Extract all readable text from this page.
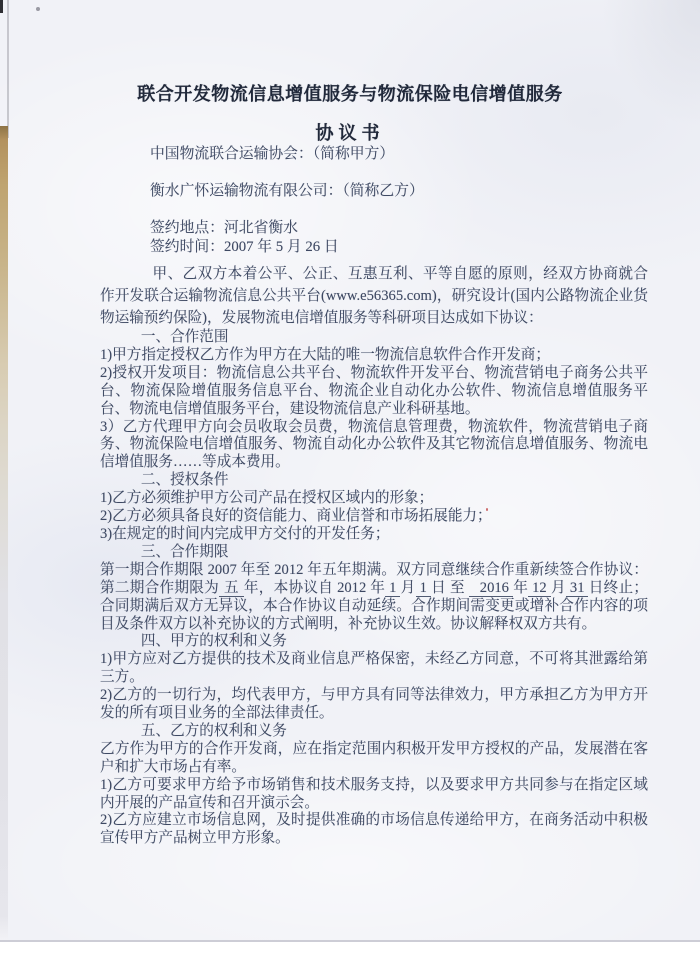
联合开发物流信息增值服务与物流保险电信增值服务
协议书
中国物流联合运输协会：（简称甲方）
衡水广怀运输物流有限公司：（简称乙方）
签约地点：河北省衡水
签约时间：2007 年 5 月 26 日
甲、乙双方本着公平、公正、互惠互利、平等自愿的原则，经双方协商就合作开发联合运输物流信息公共平台(www.e56365.com)，研究设计(国内公路物流企业货物运输预约保险)，发展物流电信增值服务等科研项目达成如下协议：

一、合作范围

1)甲方指定授权乙方作为甲方在大陆的唯一物流信息软件合作开发商；

2)授权开发项目：物流信息公共平台、物流软件开发平台、物流营销电子商务公共平台、物流保险增值服务信息平台、物流企业自动化办公软件、物流信息增值服务平台、物流电信增值服务平台，建设物流信息产业科研基地。

3）乙方代理甲方向会员收取会员费，物流信息管理费，物流软件，物流营销电子商务、物流保险电信增值服务、物流自动化办公软件及其它物流信息增值服务、物流电信增值服务……等成本费用。

二、授权条件

1)乙方必须维护甲方公司产品在授权区域内的形象；

2)乙方必须具备良好的资信能力、商业信誉和市场拓展能力；

3)在规定的时间内完成甲方交付的开发任务；

三、合作期限

第一期合作期限 2007 年至 2012 年五年期满。双方同意继续合作重新续签合作协议：第二期合作期限为 五 年，本协议自 2012 年 1 月 1 日 至 2016 年 12 月 31 日终止；合同期满后双方无异议，本合作协议自动延续。合作期间需变更或增补合作内容的项目及条件双方以补充协议的方式阐明，补充协议生效。协议解释权双方共有。

四、甲方的权利和义务

1)甲方应对乙方提供的技术及商业信息严格保密，未经乙方同意，不可将其泄露给第三方。

2)乙方的一切行为，均代表甲方，与甲方具有同等法律效力，甲方承担乙方为甲方开发的所有项目业务的全部法律责任。

五、乙方的权利和义务

乙方作为甲方的合作开发商，应在指定范围内积极开发甲方授权的产品，发展潜在客户和扩大市场占有率。

1)乙方可要求甲方给予市场销售和技术服务支持，以及要求甲方共同参与在指定区域内开展的产品宣传和召开演示会。

2)乙方应建立市场信息网，及时提供准确的市场信息传递给甲方，在商务活动中积极宣传甲方产品树立甲方形象。
